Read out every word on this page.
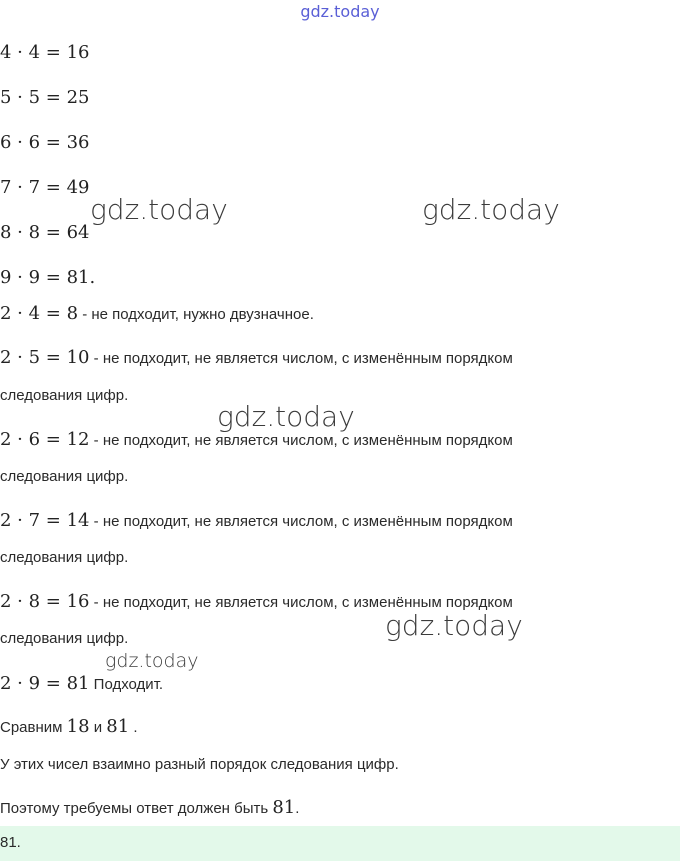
gdz.today
4 · 4 = 16
5 · 5 = 25
6 · 6 = 36
7 · 7 = 49
8 · 8 = 64
9 · 9 = 81.
2 · 4 = 8 - не подходит, нужно двузначное.
2 · 5 = 10 - не подходит, не является числом, с изменённым порядком
следования цифр.
2 · 6 = 12 - не подходит, не является числом, с изменённым порядком
следования цифр.
2 · 7 = 14 - не подходит, не является числом, с изменённым порядком
следования цифр.
2 · 8 = 16 - не подходит, не является числом, с изменённым порядком
следования цифр.
2 · 9 = 81 Подходит.
Сравним 18 и 81 .
У этих чисел взаимно разный порядок следования цифр.
Поэтому требуемы ответ должен быть 81.
81.
gdz.today	gdz.today
gdz.today
gdz.today
gdz.today
